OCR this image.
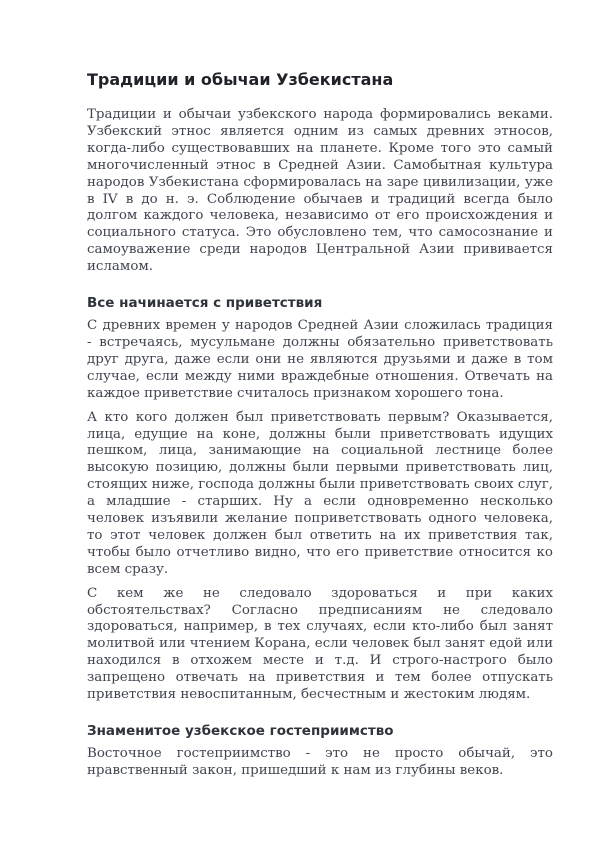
Традиции и обычаи Узбекистана

Традиции и обычаи узбекского народа формировались веками. Узбекский этнос является одним из самых древних этносов, когда-либо существовавших на планете. Кроме того это самый многочисленный этнос в Средней Азии. Самобытная культура народов Узбекистана сформировалась на заре цивилизации, уже в IV в до н. э. Соблюдение обычаев и традиций всегда было долгом каждого человека, независимо от его происхождения и социального статуса. Это обусловлено тем, что самосознание и самоуважение среди народов Центральной Азии прививается исламом.

Все начинается с приветствия

С древних времен у народов Средней Азии сложилась традиция - встречаясь, мусульмане должны обязательно приветствовать друг друга, даже если они не являются друзьями и даже в том случае, если между ними враждебные отношения. Отвечать на каждое приветствие считалось признаком хорошего тона.

А кто кого должен был приветствовать первым? Оказывается, лица, едущие на коне, должны были приветствовать идущих пешком, лица, занимающие на социальной лестнице более высокую позицию, должны были первыми приветствовать лиц, стоящих ниже, господа должны были приветствовать своих слуг, а младшие - старших. Ну а если одновременно несколько человек изъявили желание поприветствовать одного человека, то этот человек должен был ответить на их приветствия так, чтобы было отчетливо видно, что его приветствие относится ко всем сразу.

С кем же не следовало здороваться и при каких обстоятельствах? Согласно предписаниям не следовало здороваться, например, в тех случаях, если кто-либо был занят молитвой или чтением Корана, если человек был занят едой или находился в отхожем месте и т.д. И строго-настрого было запрещено отвечать на приветствия и тем более отпускать приветствия невоспитанным, бесчестным и жестоким людям.

Знаменитое узбекское гостеприимство

Восточное гостеприимство - это не просто обычай, это нравственный закон, пришедший к нам из глубины веков.
